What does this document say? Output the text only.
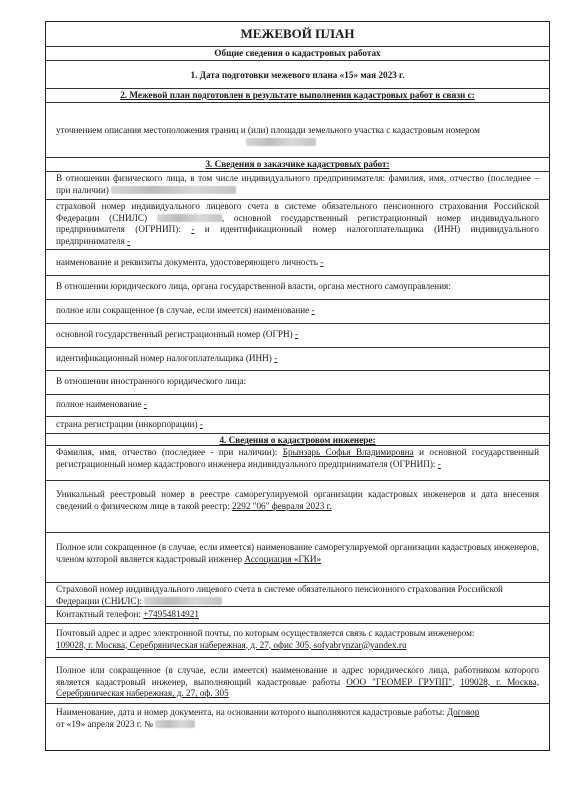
МЕЖЕВОЙ ПЛАН
Общие сведения о кадастровых работах
1. Дата подготовки межевого плана «15» мая 2023 г.
2. Межевой план подготовлен в результате выполнения кадастровых работ в связи с:
уточнением описания местоположения границ и (или) площади земельного участка с кадастровым номером

3. Сведения о заказчике кадастровых работ:
В отношении физического лица, в том числе индивидуального предпринимателя: фамилия, имя, отчество (последнее – при наличии)
страховой номер индивидуального лицевого счета в системе обязательного пенсионного страхования Российской Федерации (СНИЛС)	, основной государственный регистрационный номер индивидуального предпринимателя (ОГРНИП): - и идентификационный номер налогоплательщика (ИНН) индивидуального предпринимателя -
наименование и реквизиты документа, удостоверяющего личность -
В отношении юридического лица, органа государственной власти, органа местного самоуправления:
полное или сокращенное (в случае, если имеется) наименование -
основной государственный регистрационный номер (ОГРН) -
идентификационный номер налогоплательщика (ИНН) -
В отношении иностранного юридического лица:
полное наименование -
страна регистрации (инкорпорации) -
4. Сведения о кадастровом инженере:
Фамилия, имя, отчество (последнее - при наличии): Брынзарь Софья Владимировна и основной государственный регистрационный номер кадастрового инженера индивидуального предпринимателя (ОГРНИП): -
Уникальный реестровый номер в реестре саморегулируемой организации кадастровых инженеров и дата внесения сведений о физическом лице в такой реестр: 2292 "06" февраля 2023 г.
Полное или сокращенное (в случае, если имеется) наименование саморегулируемой организации кадастровых инженеров, членом которой является кадастровый инженер Ассоциация «ГКИ»
Страховой номер индивидуального лицевого счета в системе обязательного пенсионного страхования Российской Федерации (СНИЛС):
Контактный телефон: +74954814921
Почтовый адрес и адрес электронной почты, по которым осуществляется связь с кадастровым инженером:
109028, г. Москва, Серебряническая набережная, д. 27, офис 305, sofyabrynzar@yandex.ru
Полное или сокращенное (в случае, если имеется) наименование и адрес юридического лица, работником которого является кадастровый инженер, выполняющий кадастровые работы ООО "ГЕОМЕР ГРУПП", 109028, г. Москва, Серебряническая набережная, д. 27, оф. 305
Наименование, дата и номер документа, на основании которого выполняются кадастровые работы: Договор
от «19» апреля 2023 г. №
